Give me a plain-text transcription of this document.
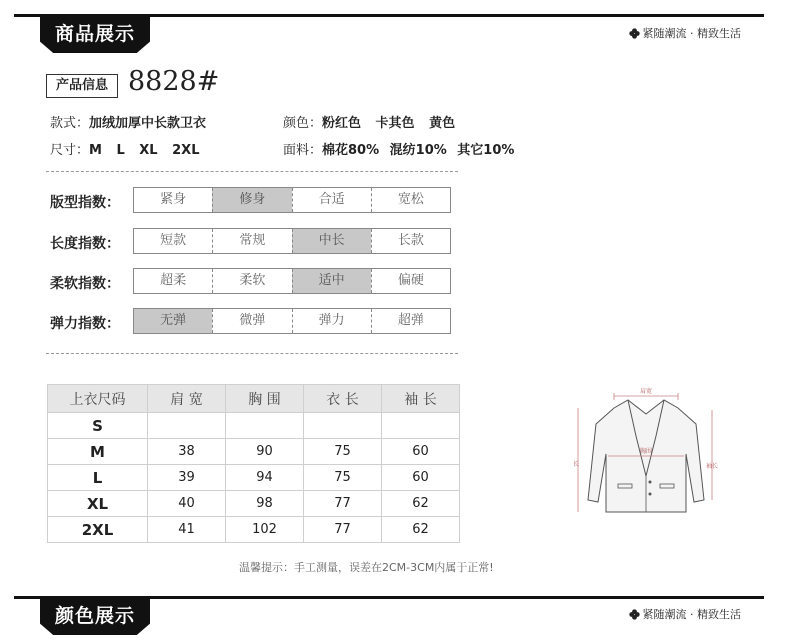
商品展示	紧随潮流 · 精致生活
产品信息 8828#
款式：加绒加厚中长款卫衣	颜色：粉红色 卡其色 黄色
尺寸：M L XL 2XL	面料：棉花80% 混纺10% 其它10%
版型指数：	紧身	修身	合适	宽松
长度指数：	短款	常规	中长	长款
柔软指数：	超柔	柔软	适中	偏硬
弹力指数：	无弹	微弹	弹力	超弹
上衣尺码	肩 宽	胸 围	衣 长	袖 长
S				
M	38	90	75	60
L	39	94	75	60
XL	40	98	77	62
2XL	41	102	77	62
肩宽
胸围
长	袖长
温馨提示：手工测量，误差在2CM-3CM内属于正常!
颜色展示	紧随潮流 · 精致生活
